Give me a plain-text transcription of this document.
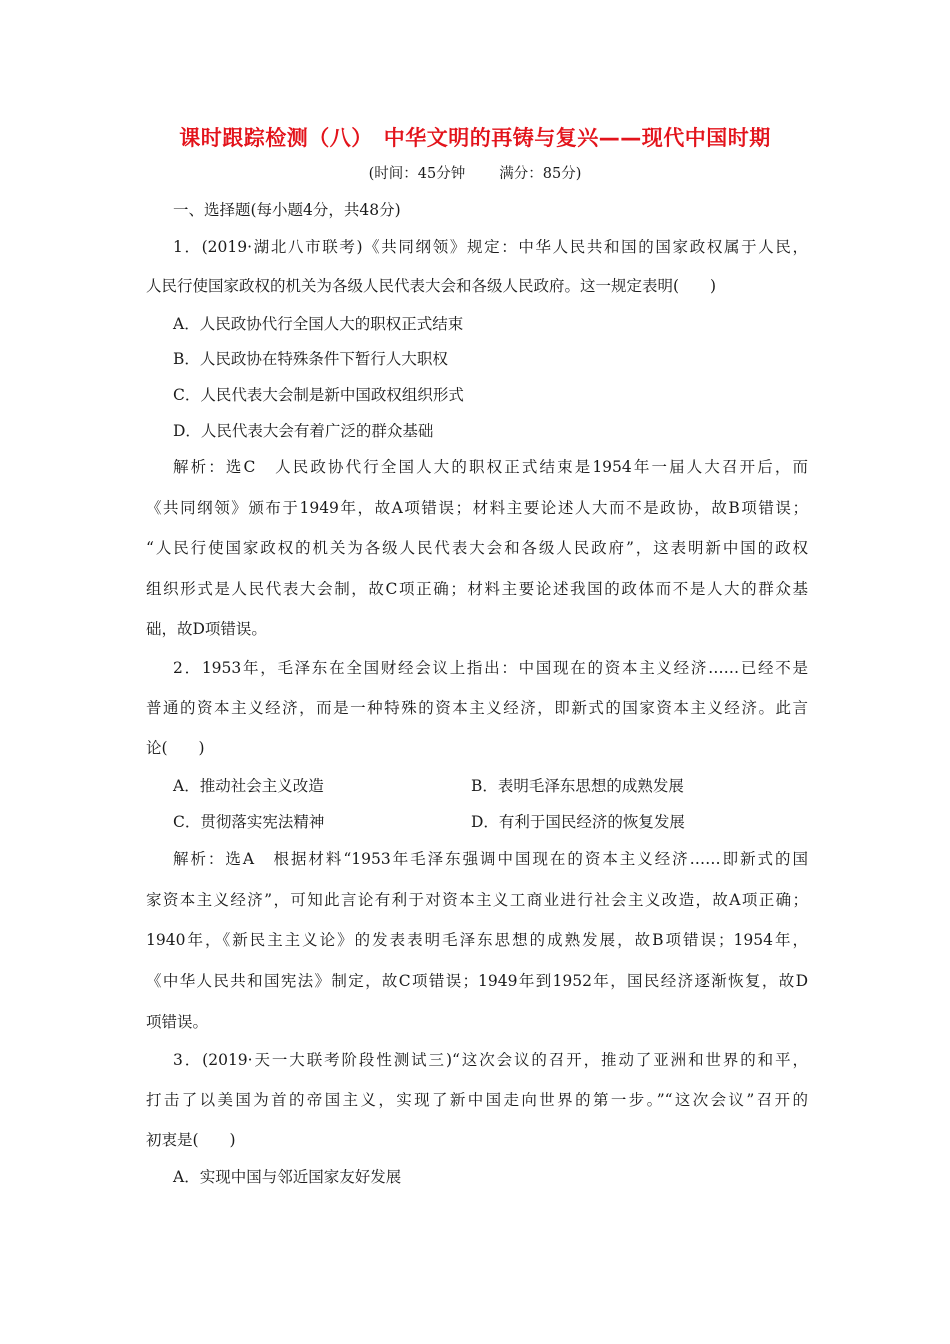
课时跟踪检测（八）　中华文明的再铸与复兴——现代中国时期
(时间：45分钟 满分：85分)
一、选择题(每小题4分，共48分)
1．(2019·湖北八市联考)《共同纲领》规定：中华人民共和国的国家政权属于人民，
人民行使国家政权的机关为各级人民代表大会和各级人民政府。这一规定表明(　　)
A．人民政协代行全国人大的职权正式结束
B．人民政协在特殊条件下暂行人大职权
C．人民代表大会制是新中国政权组织形式
D．人民代表大会有着广泛的群众基础
解析：选C　人民政协代行全国人大的职权正式结束是1954年一届人大召开后，而
《共同纲领》颁布于1949年，故A项错误；材料主要论述人大而不是政协，故B项错误；
“人民行使国家政权的机关为各级人民代表大会和各级人民政府”，这表明新中国的政权
组织形式是人民代表大会制，故C项正确；材料主要论述我国的政体而不是人大的群众基
础，故D项错误。
2．1953年，毛泽东在全国财经会议上指出：中国现在的资本主义经济……已经不是
普通的资本主义经济，而是一种特殊的资本主义经济，即新式的国家资本主义经济。此言
论(　　)
A．推动社会主义改造	B．表明毛泽东思想的成熟发展
C．贯彻落实宪法精神	D．有利于国民经济的恢复发展
解析：选A　根据材料“1953年毛泽东强调中国现在的资本主义经济……即新式的国
家资本主义经济”，可知此言论有利于对资本主义工商业进行社会主义改造，故A项正确；
1940年，《新民主主义论》的发表表明毛泽东思想的成熟发展，故B项错误；1954年，
《中华人民共和国宪法》制定，故C项错误；1949年到1952年，国民经济逐渐恢复，故D
项错误。
3．(2019·天一大联考阶段性测试三)“这次会议的召开，推动了亚洲和世界的和平，
打击了以美国为首的帝国主义，实现了新中国走向世界的第一步。”“这次会议”召开的
初衷是(　　)
A．实现中国与邻近国家友好发展
